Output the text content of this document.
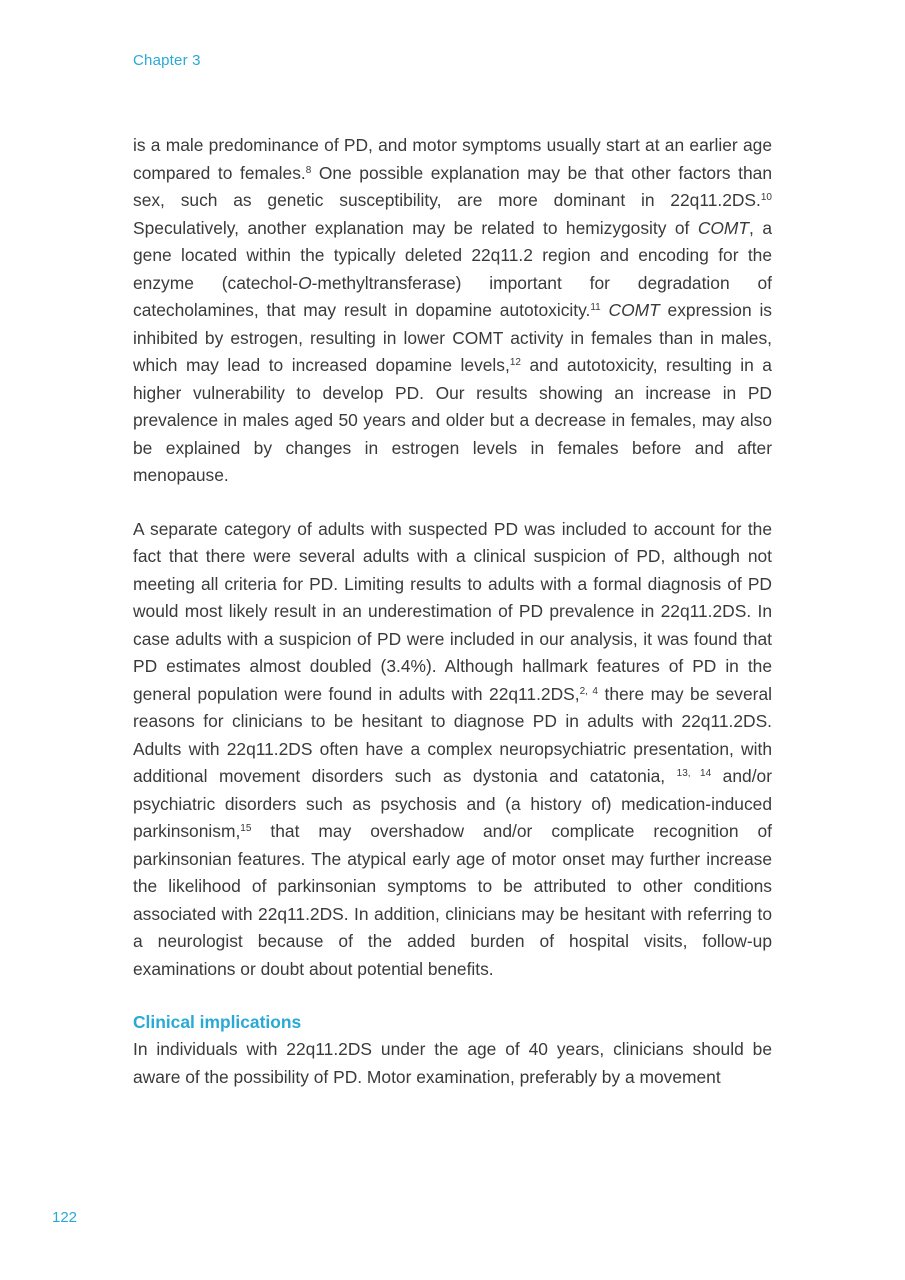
Chapter 3

is a male predominance of PD, and motor symptoms usually start at an earlier age compared to females.$^8$ One possible explanation may be that other factors than sex, such as genetic susceptibility, are more dominant in 22q11.2DS.$^{10}$ Speculatively, another explanation may be related to hemizygosity of COMT, a gene located within the typically deleted 22q11.2 region and encoding for the enzyme (catechol-O-methyltransferase) important for degradation of catecholamines, that may result in dopamine autotoxicity.$^{11}$ COMT expression is inhibited by estrogen, resulting in lower COMT activity in females than in males, which may lead to increased dopamine levels,$^{12}$ and autotoxicity, resulting in a higher vulnerability to develop PD. Our results showing an increase in PD prevalence in males aged 50 years and older but a decrease in females, may also be explained by changes in estrogen levels in females before and after menopause.

A separate category of adults with suspected PD was included to account for the fact that there were several adults with a clinical suspicion of PD, although not meeting all criteria for PD. Limiting results to adults with a formal diagnosis of PD would most likely result in an underestimation of PD prevalence in 22q11.2DS. In case adults with a suspicion of PD were included in our analysis, it was found that PD estimates almost doubled (3.4%). Although hallmark features of PD in the general population were found in adults with 22q11.2DS,$^{2, 4}$ there may be several reasons for clinicians to be hesitant to diagnose PD in adults with 22q11.2DS. Adults with 22q11.2DS often have a complex neuropsychiatric presentation, with additional movement disorders such as dystonia and catatonia, $^{13, 14}$ and/or psychiatric disorders such as psychosis and (a history of) medication-induced parkinsonism,$^{15}$ that may overshadow and/or complicate recognition of parkinsonian features. The atypical early age of motor onset may further increase the likelihood of parkinsonian symptoms to be attributed to other conditions associated with 22q11.2DS. In addition, clinicians may be hesitant with referring to a neurologist because of the added burden of hospital visits, follow-up examinations or doubt about potential benefits.

Clinical implications

In individuals with 22q11.2DS under the age of 40 years, clinicians should be aware of the possibility of PD. Motor examination, preferably by a movement

122
